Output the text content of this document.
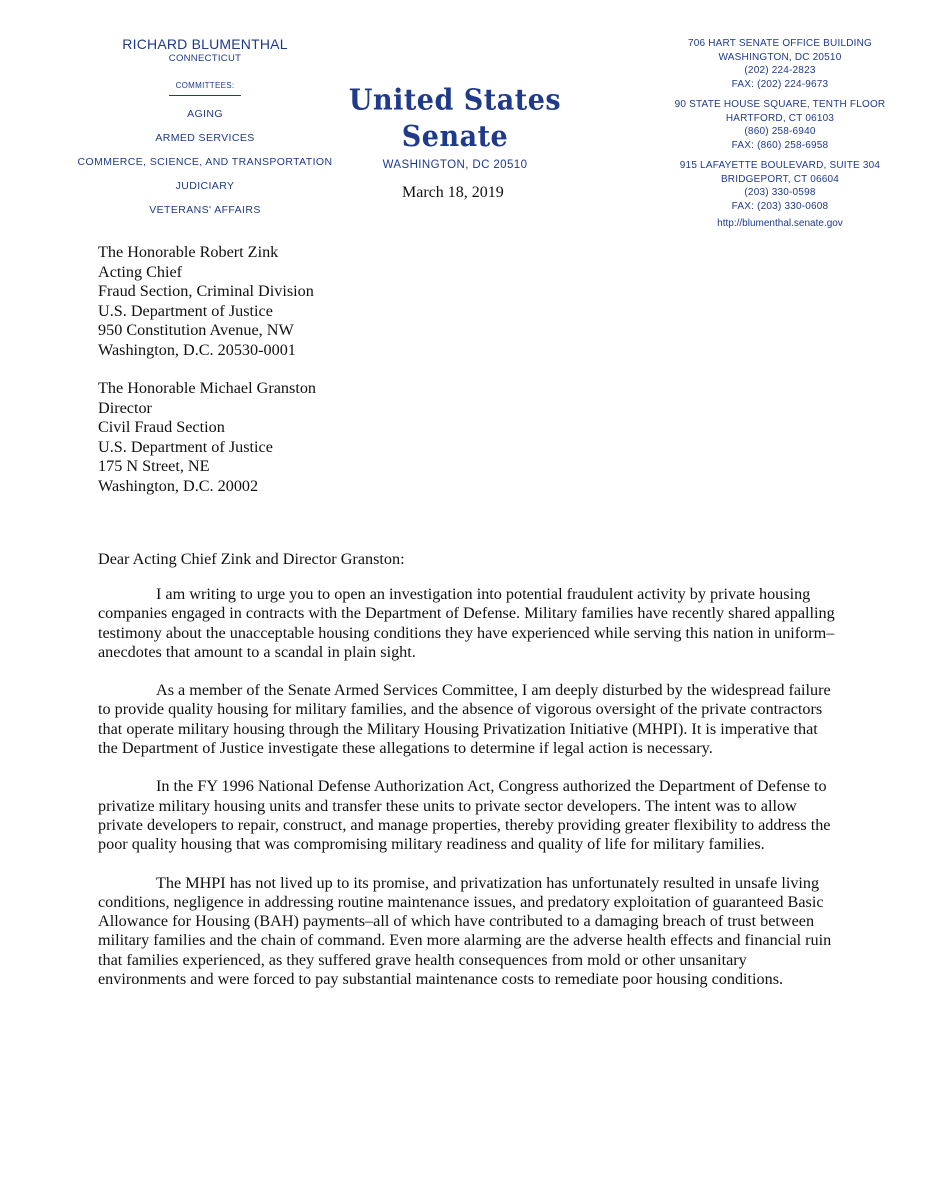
RICHARD BLUMENTHAL
CONNECTICUT
COMMITTEES:
AGING
ARMED SERVICES
COMMERCE, SCIENCE, AND TRANSPORTATION
JUDICIARY
VETERANS' AFFAIRS
United States Senate
WASHINGTON, DC 20510
March 18, 2019
706 HART SENATE OFFICE BUILDING
WASHINGTON, DC 20510
(202) 224-2823
FAX: (202) 224-9673
90 STATE HOUSE SQUARE, TENTH FLOOR
HARTFORD, CT 06103
(860) 258-6940
FAX: (860) 258-6958
915 LAFAYETTE BOULEVARD, SUITE 304
BRIDGEPORT, CT 06604
(203) 330-0598
FAX: (203) 330-0608
http://blumenthal.senate.gov
The Honorable Robert Zink
Acting Chief
Fraud Section, Criminal Division
U.S. Department of Justice
950 Constitution Avenue, NW
Washington, D.C. 20530-0001
The Honorable Michael Granston
Director
Civil Fraud Section
U.S. Department of Justice
175 N Street, NE
Washington, D.C. 20002
Dear Acting Chief Zink and Director Granston:

I am writing to urge you to open an investigation into potential fraudulent activity by private housing companies engaged in contracts with the Department of Defense. Military families have recently shared appalling testimony about the unacceptable housing conditions they have experienced while serving this nation in uniform–anecdotes that amount to a scandal in plain sight.

As a member of the Senate Armed Services Committee, I am deeply disturbed by the widespread failure to provide quality housing for military families, and the absence of vigorous oversight of the private contractors that operate military housing through the Military Housing Privatization Initiative (MHPI). It is imperative that the Department of Justice investigate these allegations to determine if legal action is necessary.

In the FY 1996 National Defense Authorization Act, Congress authorized the Department of Defense to privatize military housing units and transfer these units to private sector developers. The intent was to allow private developers to repair, construct, and manage properties, thereby providing greater flexibility to address the poor quality housing that was compromising military readiness and quality of life for military families.

The MHPI has not lived up to its promise, and privatization has unfortunately resulted in unsafe living conditions, negligence in addressing routine maintenance issues, and predatory exploitation of guaranteed Basic Allowance for Housing (BAH) payments–all of which have contributed to a damaging breach of trust between military families and the chain of command. Even more alarming are the adverse health effects and financial ruin that families experienced, as they suffered grave health consequences from mold or other unsanitary environments and were forced to pay substantial maintenance costs to remediate poor housing conditions.
